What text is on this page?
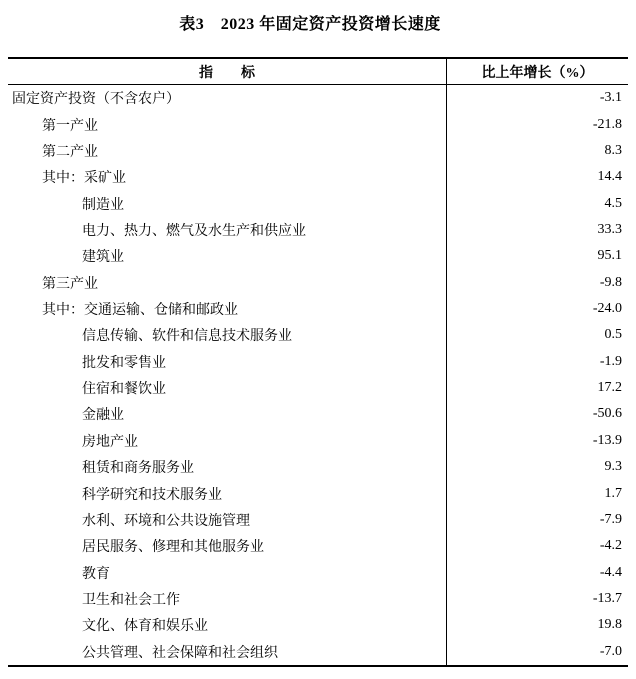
表3　2023 年固定资产投资增长速度
指　　标	比上年增长（%）
固定资产投资（不含农户）	-3.1
第一产业	-21.8
第二产业	8.3
其中： 采矿业	14.4
制造业	4.5
电力、热力、燃气及水生产和供应业	33.3
建筑业	95.1
第三产业	-9.8
其中： 交通运输、仓储和邮政业	-24.0
信息传输、软件和信息技术服务业	0.5
批发和零售业	-1.9
住宿和餐饮业	17.2
金融业	-50.6
房地产业	-13.9
租赁和商务服务业	9.3
科学研究和技术服务业	1.7
水利、环境和公共设施管理	-7.9
居民服务、修理和其他服务业	-4.2
教育	-4.4
卫生和社会工作	-13.7
文化、体育和娱乐业	19.8
公共管理、社会保障和社会组织	-7.0
